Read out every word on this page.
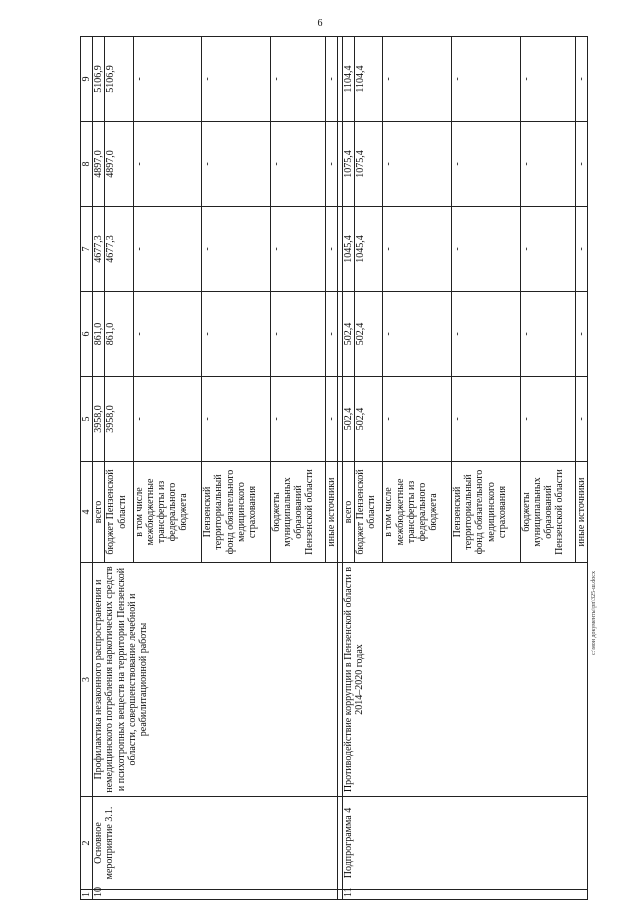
6
1	2	3	4	5	6	7	8	9
10	Основное мероприятие 3.1.	Профилактика незаконного распространения и немедицинского потребления наркотических средств и психотропных веществ на территории Пензенской области, совершенствование лечебной и реабилитационной работы	всего	3958,0	861,0	4677,3	4897,0	5106,9
			бюджет Пензенской области	3958,0	861,0	4677,3	4897,0	5106,9
			в том числе межбюджетные трансферты из федерального бюджета	-	-	-	-	-
			Пензенский территориальный фонд обязательного медицинского страхования	-	-	-	-	-
			бюджеты муниципальных образований Пензенской области	-	-	-	-	-
			иные источники	-	-	-	-	-

11	Подпрограмма 4	Противодействие коррупции в Пензенской области в 2014–2020 годах	всего	502,4	502,4	1045,4	1075,4	1104,4
			бюджет Пензенской области	502,4	502,4	1045,4	1075,4	1104,4
			в том числе межбюджетные трансферты из федерального бюджета	-	-	-	-	-
			Пензенский территориальный фонд обязательного медицинского страхования	-	-	-	-	-
			бюджеты муниципальных образований Пензенской области	-	-	-	-	-
			иные источники	-	-	-	-	-
c:\мои документы\рп\325-ш.docx
